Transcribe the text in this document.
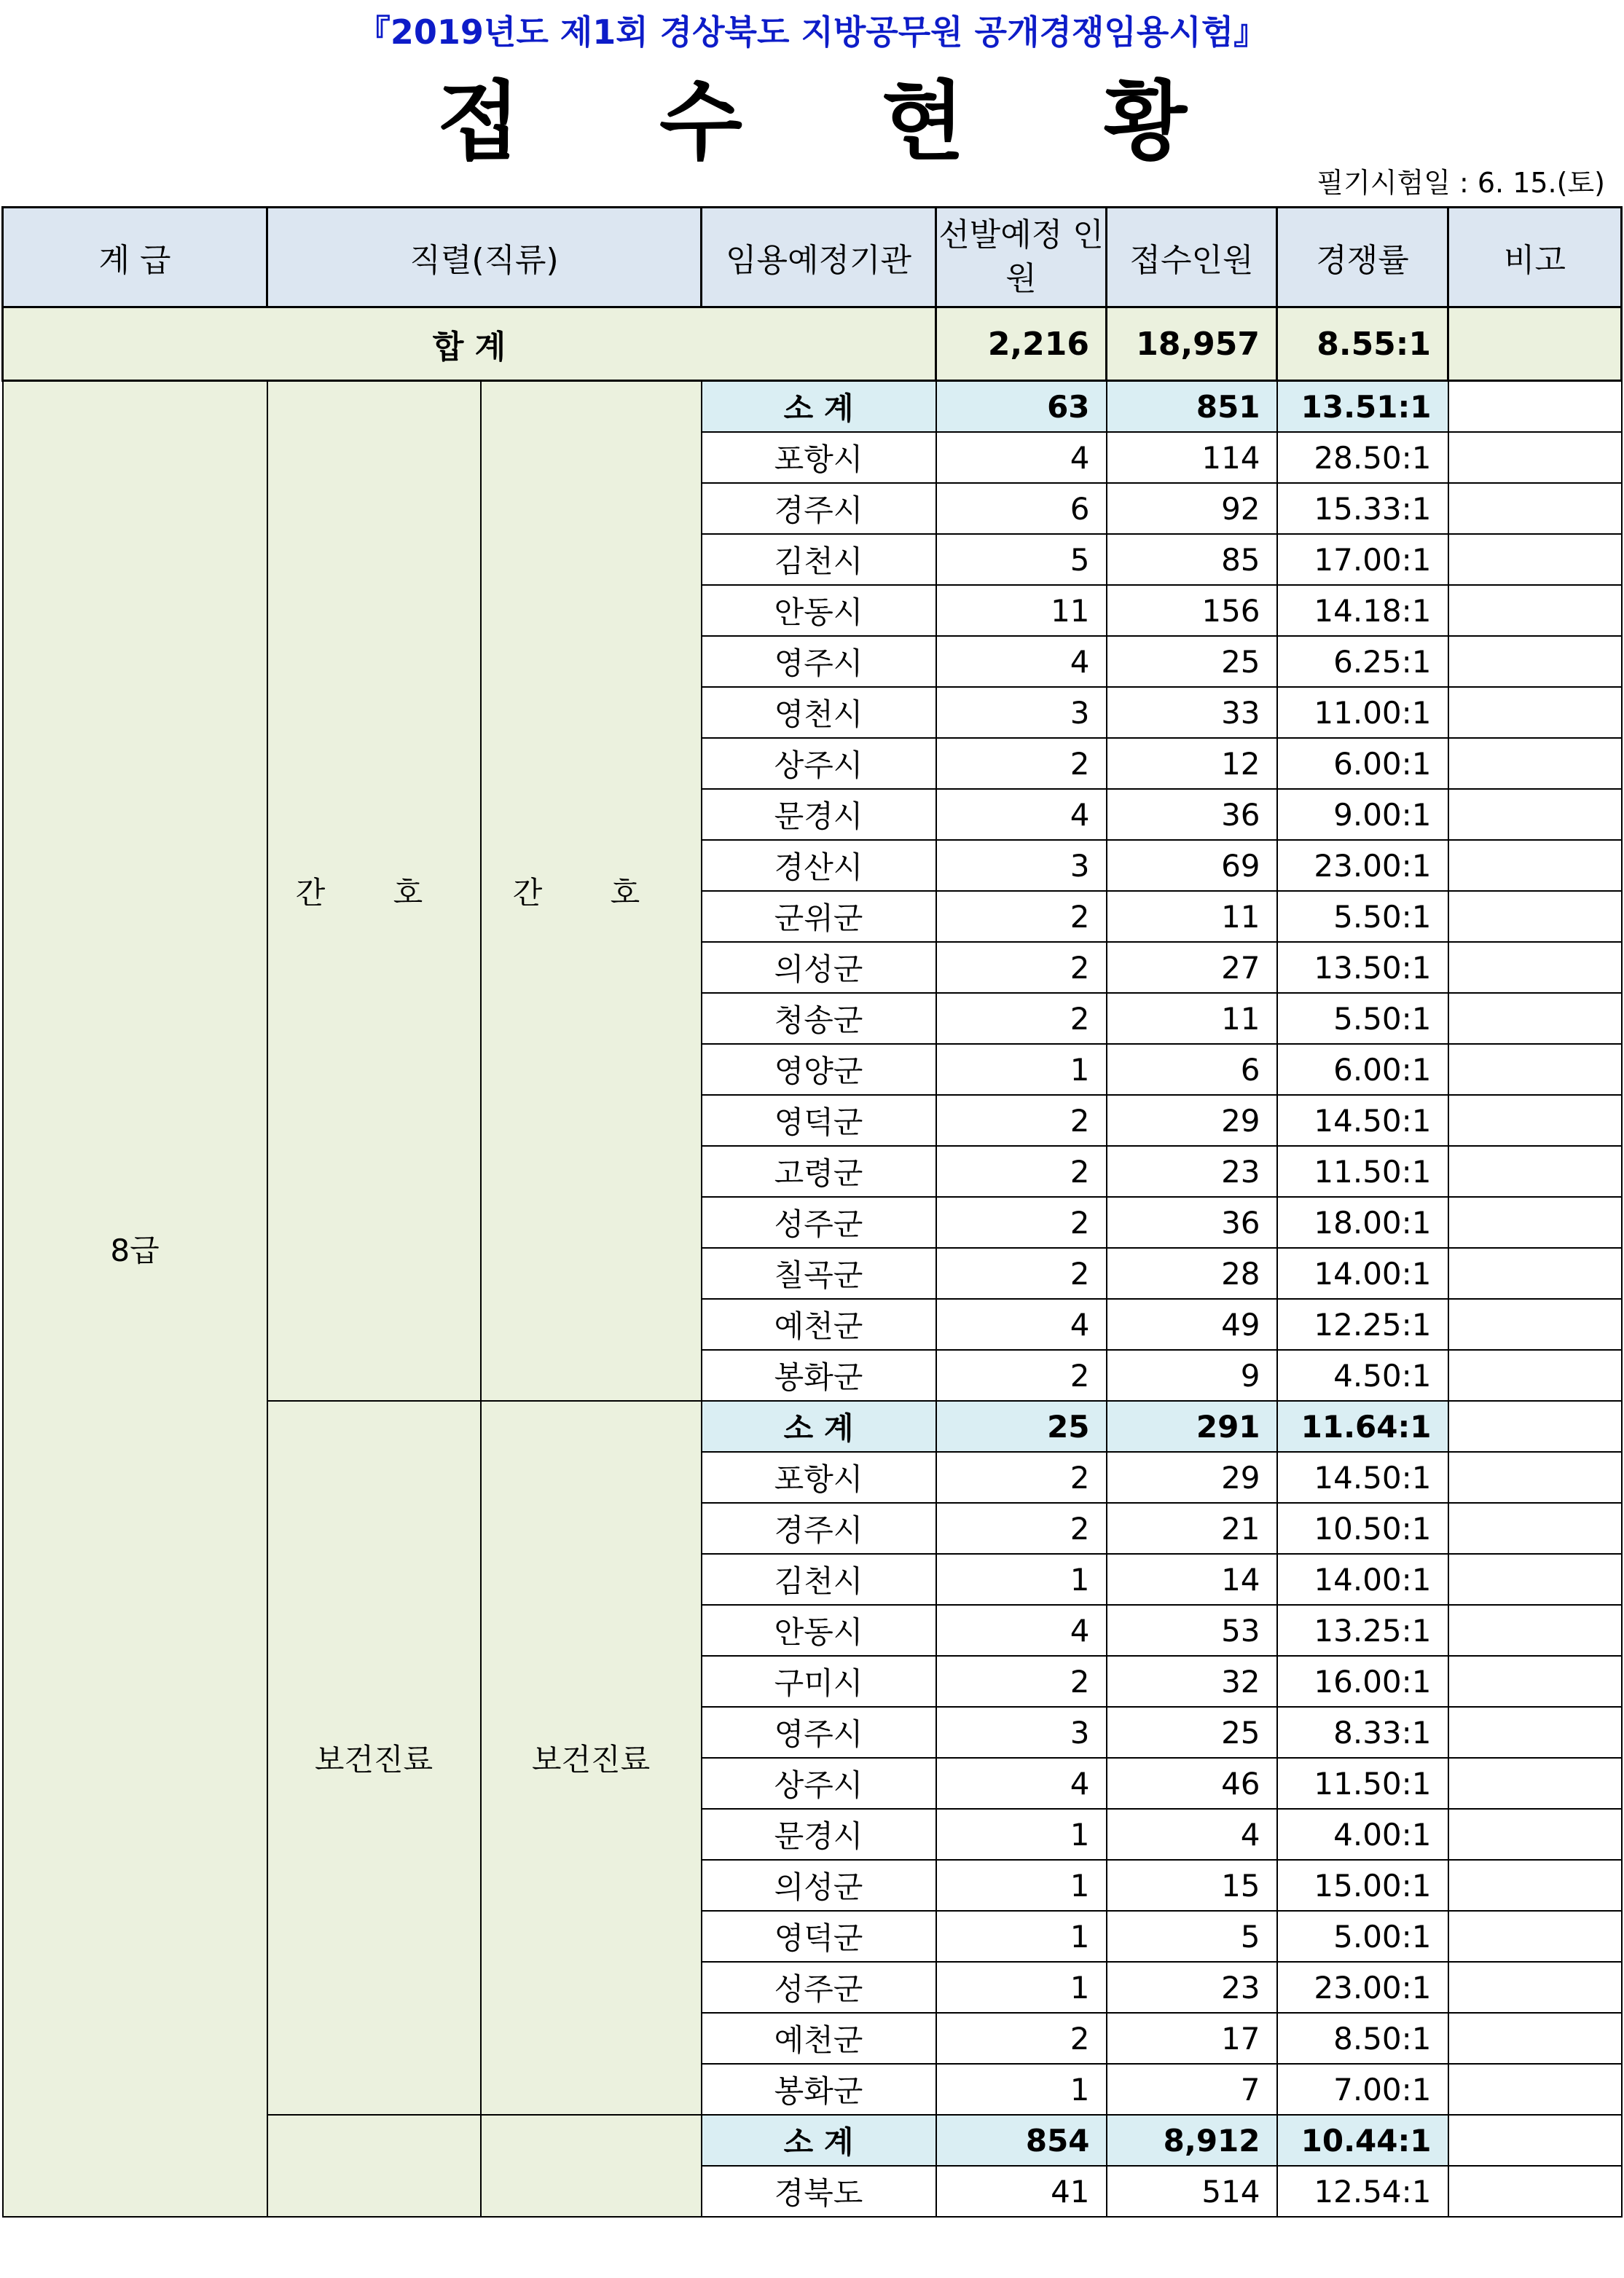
『2019년도 제1회 경상북도 지방공무원 공개경쟁임용시험』
접 수 현 황
필기시험일 : 6. 15.(토)
계 급	직렬(직류)		임용예정기관	선발예정 인 원	접수인원	경쟁률	비고
합 계				2,216	18,957	8.55:1	
8급	간 호	간 호	소 계	63	851	13.51:1	
			포항시	4	114	28.50:1	
			경주시	6	92	15.33:1	
			김천시	5	85	17.00:1	
			안동시	11	156	14.18:1	
			영주시	4	25	6.25:1	
			영천시	3	33	11.00:1	
			상주시	2	12	6.00:1	
			문경시	4	36	9.00:1	
			경산시	3	69	23.00:1	
			군위군	2	11	5.50:1	
			의성군	2	27	13.50:1	
			청송군	2	11	5.50:1	
			영양군	1	6	6.00:1	
			영덕군	2	29	14.50:1	
			고령군	2	23	11.50:1	
			성주군	2	36	18.00:1	
			칠곡군	2	28	14.00:1	
			예천군	4	49	12.25:1	
			봉화군	2	9	4.50:1	
	보건진료	보건진료	소 계	25	291	11.64:1	
			포항시	2	29	14.50:1	
			경주시	2	21	10.50:1	
			김천시	1	14	14.00:1	
			안동시	4	53	13.25:1	
			구미시	2	32	16.00:1	
			영주시	3	25	8.33:1	
			상주시	4	46	11.50:1	
			문경시	1	4	4.00:1	
			의성군	1	15	15.00:1	
			영덕군	1	5	5.00:1	
			성주군	1	23	23.00:1	
			예천군	2	17	8.50:1	
			봉화군	1	7	7.00:1	
			소 계	854	8,912	10.44:1	
			경북도	41	514	12.54:1	
